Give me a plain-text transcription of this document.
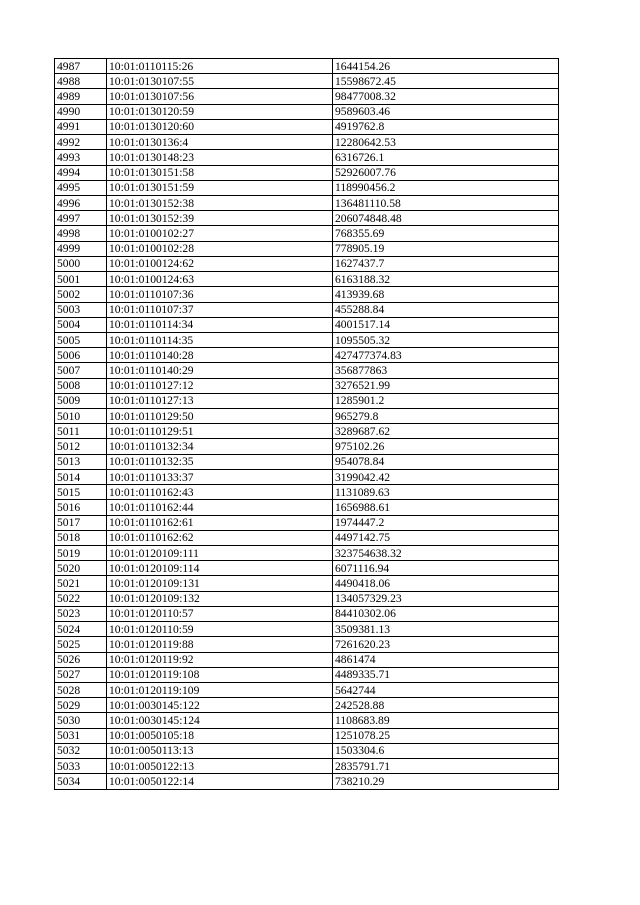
4987	10:01:0110115:26	1644154.26
4988	10:01:0130107:55	15598672.45
4989	10:01:0130107:56	98477008.32
4990	10:01:0130120:59	9589603.46
4991	10:01:0130120:60	4919762.8
4992	10:01:0130136:4	12280642.53
4993	10:01:0130148:23	6316726.1
4994	10:01:0130151:58	52926007.76
4995	10:01:0130151:59	118990456.2
4996	10:01:0130152:38	136481110.58
4997	10:01:0130152:39	206074848.48
4998	10:01:0100102:27	768355.69
4999	10:01:0100102:28	778905.19
5000	10:01:0100124:62	1627437.7
5001	10:01:0100124:63	6163188.32
5002	10:01:0110107:36	413939.68
5003	10:01:0110107:37	455288.84
5004	10:01:0110114:34	4001517.14
5005	10:01:0110114:35	1095505.32
5006	10:01:0110140:28	427477374.83
5007	10:01:0110140:29	356877863
5008	10:01:0110127:12	3276521.99
5009	10:01:0110127:13	1285901.2
5010	10:01:0110129:50	965279.8
5011	10:01:0110129:51	3289687.62
5012	10:01:0110132:34	975102.26
5013	10:01:0110132:35	954078.84
5014	10:01:0110133:37	3199042.42
5015	10:01:0110162:43	1131089.63
5016	10:01:0110162:44	1656988.61
5017	10:01:0110162:61	1974447.2
5018	10:01:0110162:62	4497142.75
5019	10:01:0120109:111	323754638.32
5020	10:01:0120109:114	6071116.94
5021	10:01:0120109:131	4490418.06
5022	10:01:0120109:132	134057329.23
5023	10:01:0120110:57	84410302.06
5024	10:01:0120110:59	3509381.13
5025	10:01:0120119:88	7261620.23
5026	10:01:0120119:92	4861474
5027	10:01:0120119:108	4489335.71
5028	10:01:0120119:109	5642744
5029	10:01:0030145:122	242528.88
5030	10:01:0030145:124	1108683.89
5031	10:01:0050105:18	1251078.25
5032	10:01:0050113:13	1503304.6
5033	10:01:0050122:13	2835791.71
5034	10:01:0050122:14	738210.29
